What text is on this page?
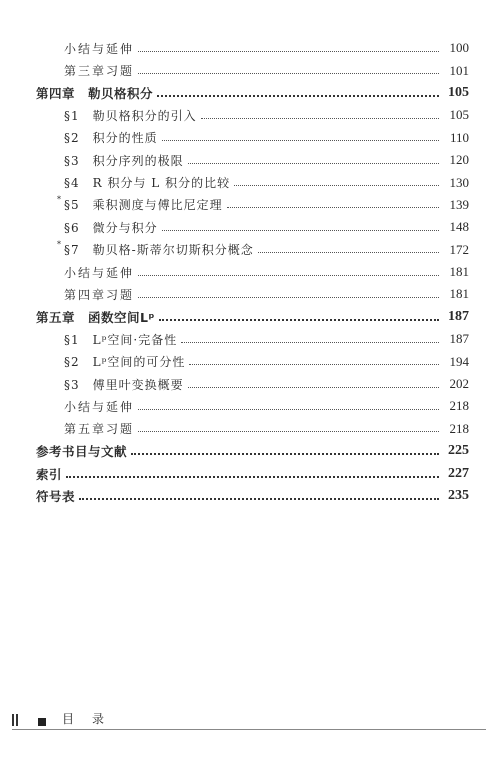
小结与延伸	100
第三章习题	101
第四章　勒贝格积分	105
§1　勒贝格积分的引入	105
§2　积分的性质	110
§3　积分序列的极限	120
§4　R 积分与 L 积分的比较	130
* §5　乘积测度与傅比尼定理	139
§6　微分与积分	148
* §7　勒贝格-斯蒂尔切斯积分概念	172
小结与延伸	181
第四章习题	181
第五章　函数空间Lᵖ	187
§1　Lᵖ空间·完备性	187
§2　Lᵖ空间的可分性	194
§3　傅里叶变换概要	202
小结与延伸	218
第五章习题	218
参考书目与文献	225
索引	227
符号表	235
目录
